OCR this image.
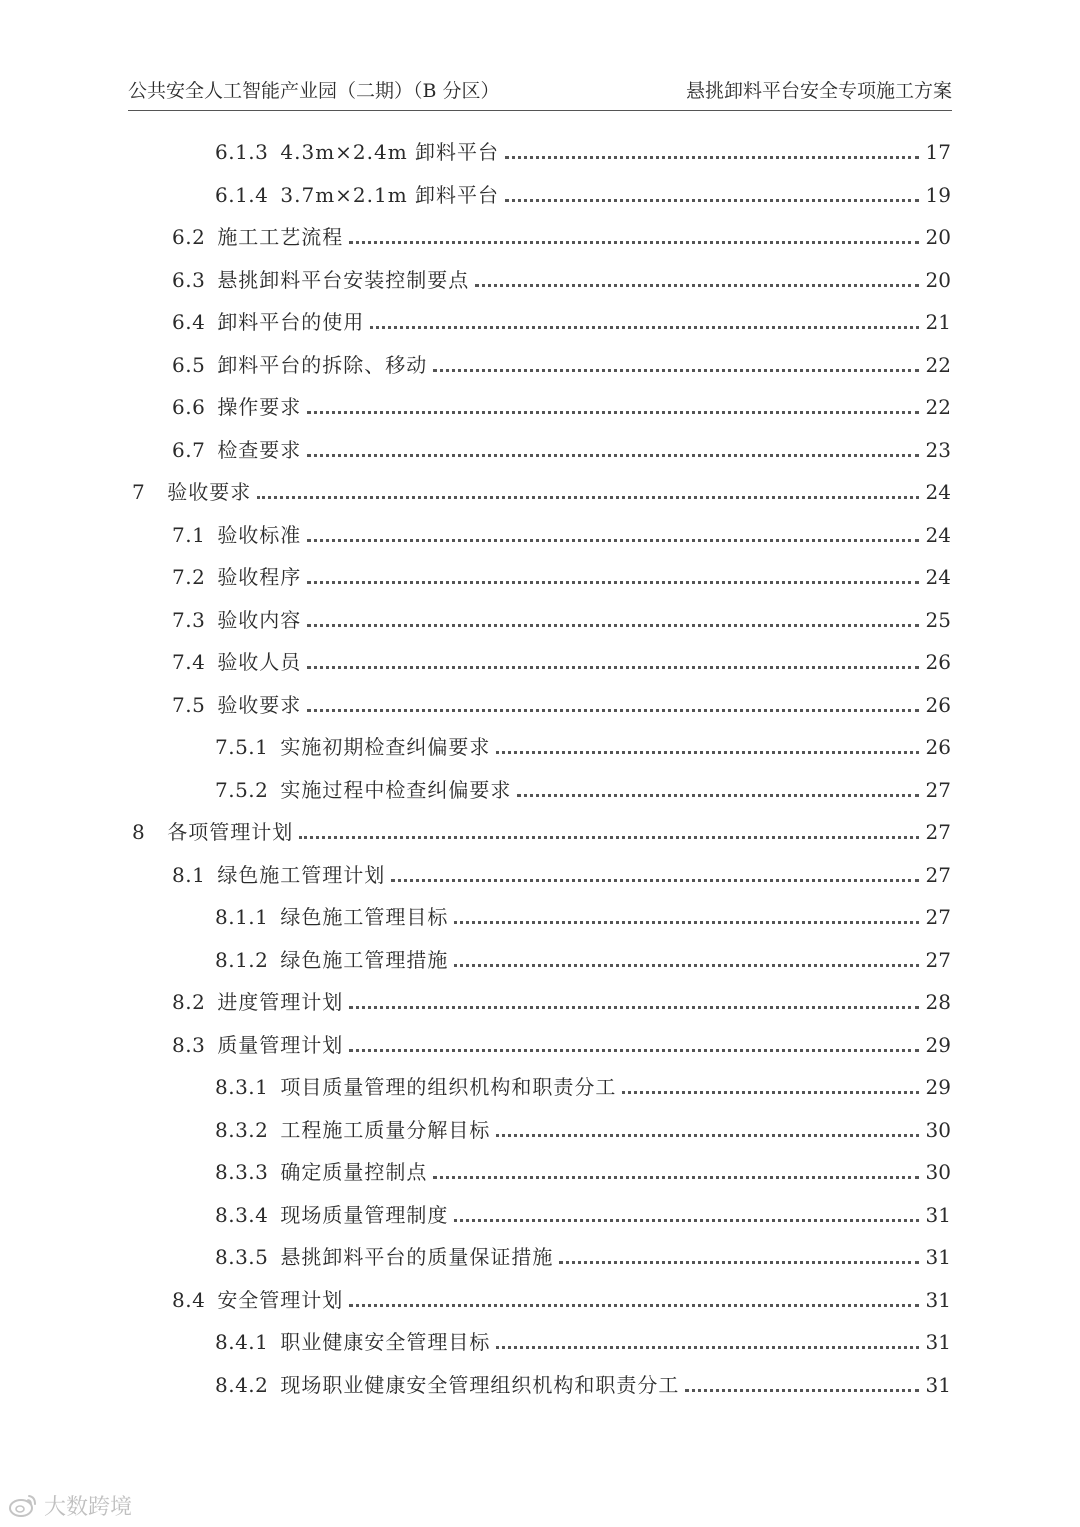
公共安全人工智能产业园（二期）（B 分区）	悬挑卸料平台安全专项施工方案
6.1.3 4.3m×2.4m 卸料平台	17
6.1.4 3.7m×2.1m 卸料平台	19
6.2 施工工艺流程	20
6.3 悬挑卸料平台安装控制要点	20
6.4 卸料平台的使用	21
6.5 卸料平台的拆除、移动	22
6.6 操作要求	22
6.7 检查要求	23
7 验收要求	24
7.1 验收标准	24
7.2 验收程序	24
7.3 验收内容	25
7.4 验收人员	26
7.5 验收要求	26
7.5.1 实施初期检查纠偏要求	26
7.5.2 实施过程中检查纠偏要求	27
8 各项管理计划	27
8.1 绿色施工管理计划	27
8.1.1 绿色施工管理目标	27
8.1.2 绿色施工管理措施	27
8.2 进度管理计划	28
8.3 质量管理计划	29
8.3.1 项目质量管理的组织机构和职责分工	29
8.3.2 工程施工质量分解目标	30
8.3.3 确定质量控制点	30
8.3.4 现场质量管理制度	31
8.3.5 悬挑卸料平台的质量保证措施	31
8.4 安全管理计划	31
8.4.1 职业健康安全管理目标	31
8.4.2 现场职业健康安全管理组织机构和职责分工	31
大数跨境
